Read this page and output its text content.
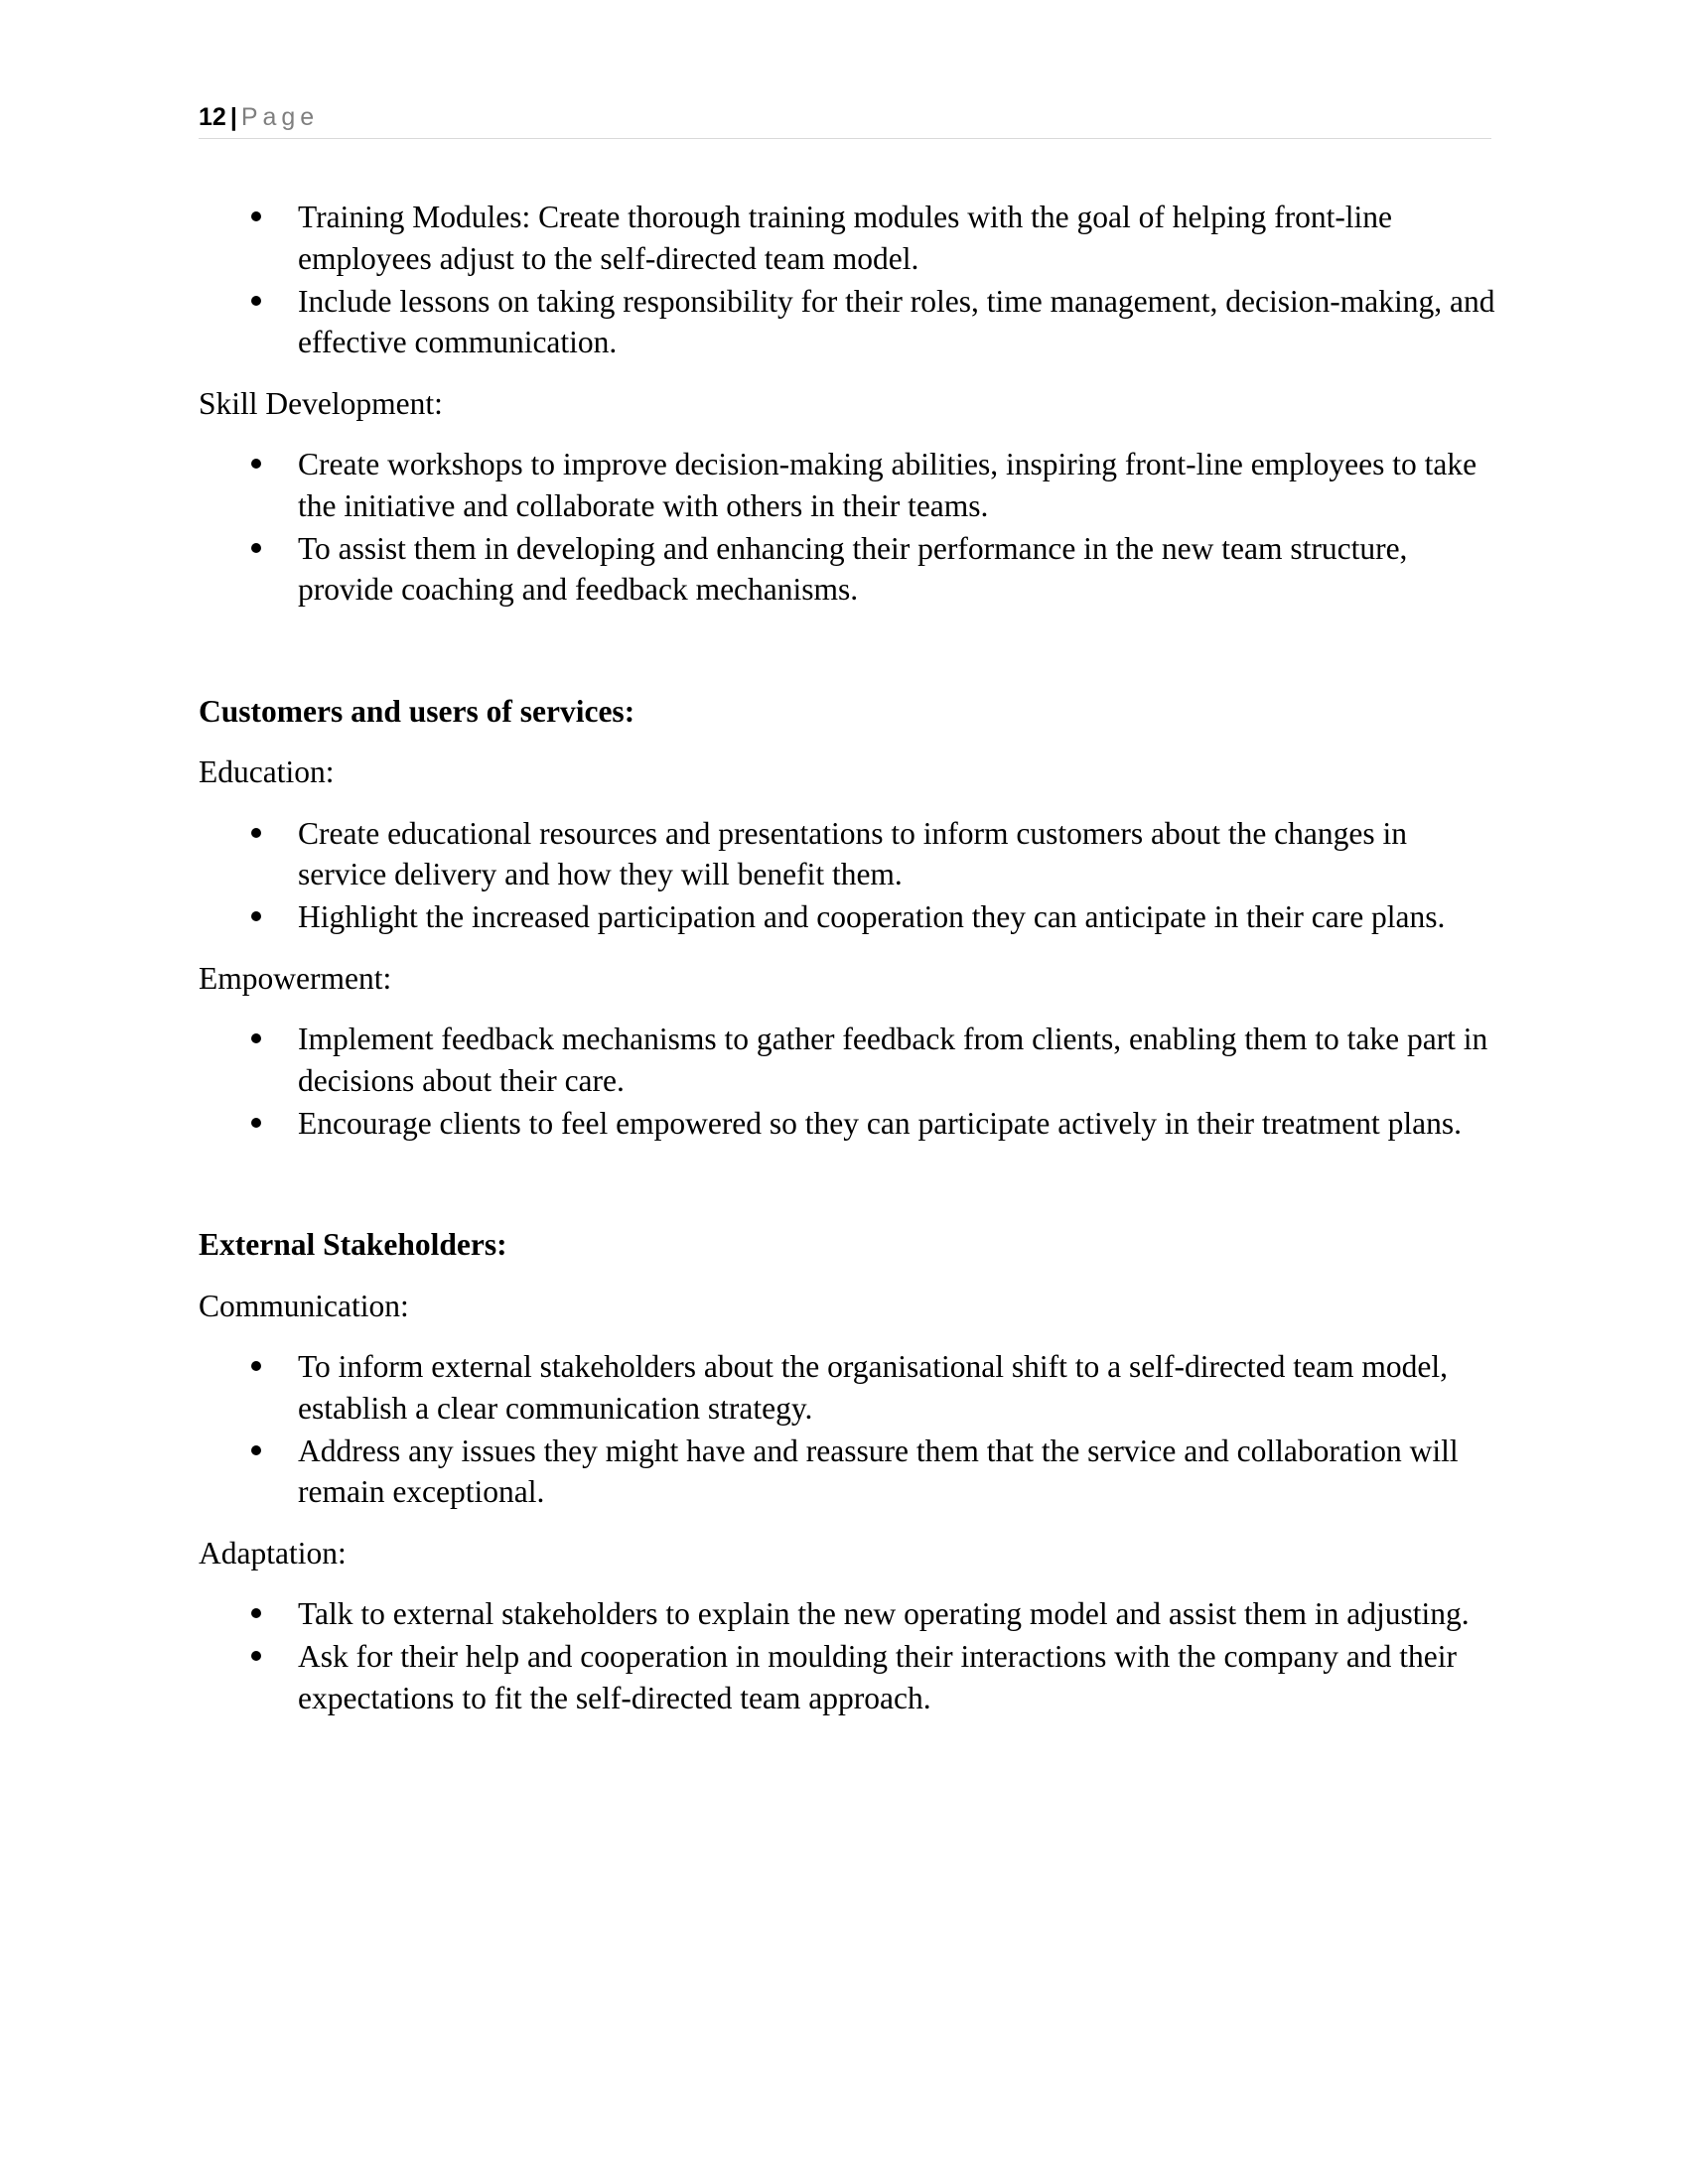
12 | Page
Training Modules: Create thorough training modules with the goal of helping front-line employees adjust to the self-directed team model.
Include lessons on taking responsibility for their roles, time management, decision-making, and effective communication.

Skill Development:

Create workshops to improve decision-making abilities, inspiring front-line employees to take the initiative and collaborate with others in their teams.
To assist them in developing and enhancing their performance in the new team structure, provide coaching and feedback mechanisms.

Customers and users of services:

Education:

Create educational resources and presentations to inform customers about the changes in service delivery and how they will benefit them.
Highlight the increased participation and cooperation they can anticipate in their care plans.

Empowerment:

Implement feedback mechanisms to gather feedback from clients, enabling them to take part in decisions about their care.
Encourage clients to feel empowered so they can participate actively in their treatment plans.

External Stakeholders:

Communication:

To inform external stakeholders about the organisational shift to a self-directed team model, establish a clear communication strategy.
Address any issues they might have and reassure them that the service and collaboration will remain exceptional.

Adaptation:

Talk to external stakeholders to explain the new operating model and assist them in adjusting.
Ask for their help and cooperation in moulding their interactions with the company and their expectations to fit the self-directed team approach.
